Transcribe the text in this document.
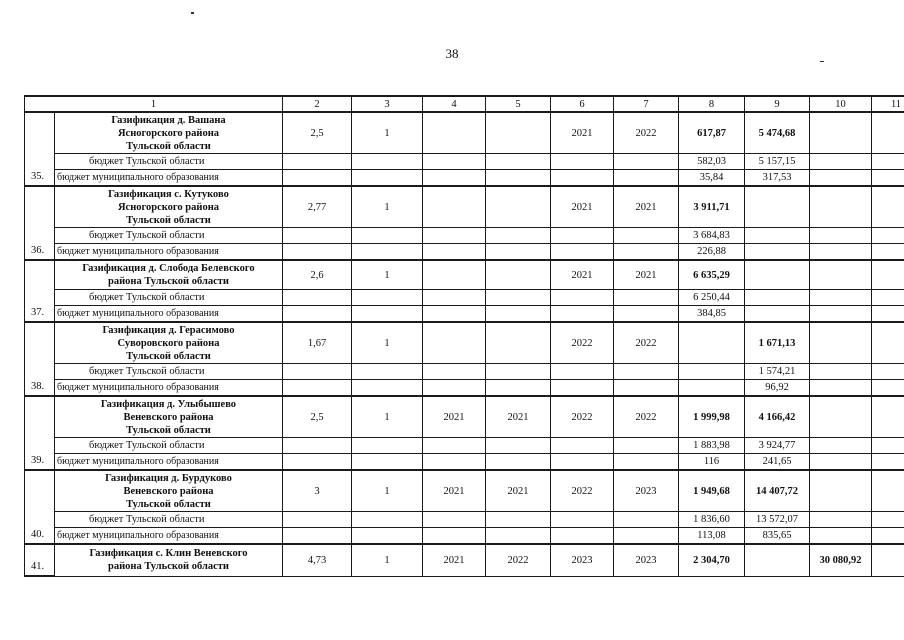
38
1		2	3	4	5	6	7	8	9	10	11
35.	Газификация д. Вашана
Ясногорского района
Тульской области	2,5	1			2021	2022	617,87	5 474,68		
	бюджет Тульской области							582,03	5 157,15		
	бюджет муниципального образования							35,84	317,53		
36.	Газификация с. Кутуково
Ясногорского района
Тульской области	2,77	1			2021	2021	3 911,71			
	бюджет Тульской области							3 684,83			
	бюджет муниципального образования							226,88			
37.	Газификация д. Слобода Белевского
района Тульской области	2,6	1			2021	2021	6 635,29			
	бюджет Тульской области							6 250,44			
	бюджет муниципального образования							384,85			
38.	Газификация д. Герасимово
Суворовского района
Тульской области	1,67	1			2022	2022		1 671,13		
	бюджет Тульской области								1 574,21		
	бюджет муниципального образования								96,92		
39.	Газификация д. Улыбышево
Веневского района
Тульской области	2,5	1	2021	2021	2022	2022	1 999,98	4 166,42		
	бюджет Тульской области							1 883,98	3 924,77		
	бюджет муниципального образования							116	241,65		
40.	Газификация д. Бурдуково
Веневского района
Тульской области	3	1	2021	2021	2022	2023	1 949,68	14 407,72		
	бюджет Тульской области							1 836,60	13 572,07		
	бюджет муниципального образования							113,08	835,65		
41.	Газификация с. Клин Веневского
района Тульской области	4,73	1	2021	2022	2023	2023	2 304,70		30 080,92	
